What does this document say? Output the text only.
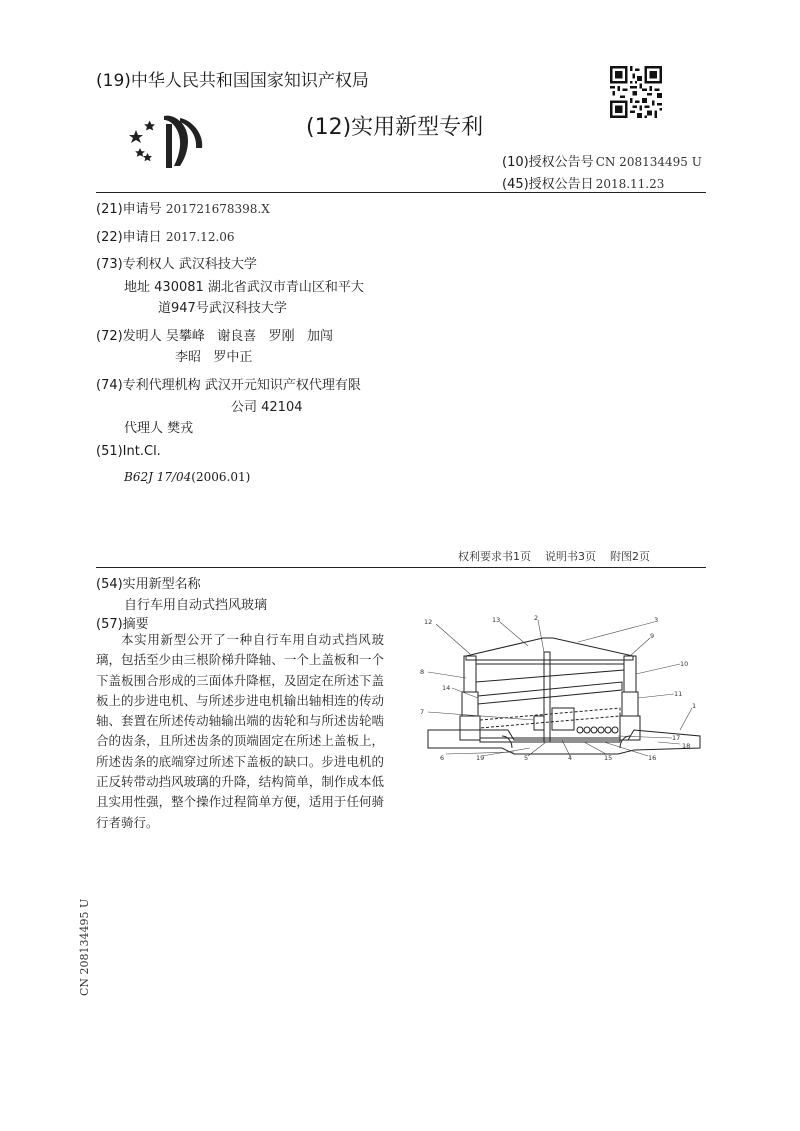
(19)中华人民共和国国家知识产权局
(12)实用新型专利
(10)授权公告号 CN 208134495 U
(45)授权公告日 2018.11.23
(21)申请号 201721678398.X
(22)申请日 2017.12.06
(73)专利权人 武汉科技大学
地址 430081 湖北省武汉市青山区和平大
道947号武汉科技大学
(72)发明人 吴攀峰   谢良喜   罗刚   加闯
李昭   罗中正
(74)专利代理机构 武汉开元知识产权代理有限
公司 42104
代理人 樊戎
(51)Int.Cl.
B62J 17/04(2006.01)
权利要求书1页 说明书3页 附图2页
(54)实用新型名称
自行车用自动式挡风玻璃
(57)摘要

本实用新型公开了一种自行车用自动式挡风玻璃，包括至少由三根阶梯升降轴、一个上盖板和一个下盖板围合形成的三面体升降框，及固定在所述下盖板上的步进电机、与所述步进电机输出轴相连的传动轴、套置在所述传动轴输出端的齿轮和与所述齿轮啮合的齿条，且所述齿条的顶端固定在所述上盖板上，所述齿条的底端穿过所述下盖板的缺口。步进电机的正反转带动挡风玻璃的升降，结构简单，制作成本低且实用性强，整个操作过程简单方便，适用于任何骑行者骑行。

12	13	2	3
9
10
8
14
11
1
7
18
6	19	5	4	15	16
17
CN 208134495 U
